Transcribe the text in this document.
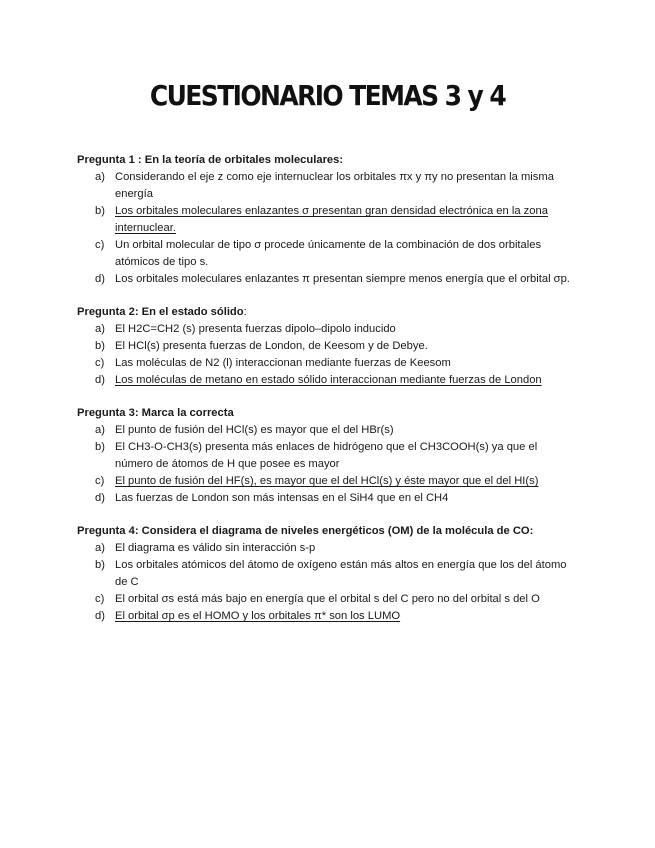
CUESTIONARIO TEMAS 3 y 4

Pregunta 1 : En la teoría de orbitales moleculares:

a) Considerando el eje z como eje internuclear los orbitales πx y πy no presentan la misma energía
b) Los orbitales moleculares enlazantes σ presentan gran densidad electrónica en la zona internuclear.
c) Un orbital molecular de tipo σ procede únicamente de la combinación de dos orbitales atómicos de tipo s.
d) Los orbitales moleculares enlazantes π presentan siempre menos energía que el orbital σp.

Pregunta 2: En el estado sólido:

a) El H2C=CH2 (s) presenta fuerzas dipolo–dipolo inducido
b) El HCl(s) presenta fuerzas de London, de Keesom y de Debye.
c) Las moléculas de N2 (l) interaccionan mediante fuerzas de Keesom
d) Los moléculas de metano en estado sólido interaccionan mediante fuerzas de London

Pregunta 3: Marca la correcta

a) El punto de fusión del HCl(s) es mayor que el del HBr(s)
b) El CH3-O-CH3(s) presenta más enlaces de hidrógeno que el CH3COOH(s) ya que el número de átomos de H que posee es mayor
c) El punto de fusión del HF(s), es mayor que el del HCl(s) y éste mayor que el del HI(s)
d) Las fuerzas de London son más intensas en el SiH4 que en el CH4

Pregunta 4: Considera el diagrama de niveles energéticos (OM) de la molécula de CO:

a) El diagrama es válido sin interacción s-p
b) Los orbitales atómicos del átomo de oxígeno están más altos en energía que los del átomo de C
c) El orbital σs está más bajo en energía que el orbital s del C pero no del orbital s del O
d) El orbital σp es el HOMO y los orbitales π* son los LUMO
